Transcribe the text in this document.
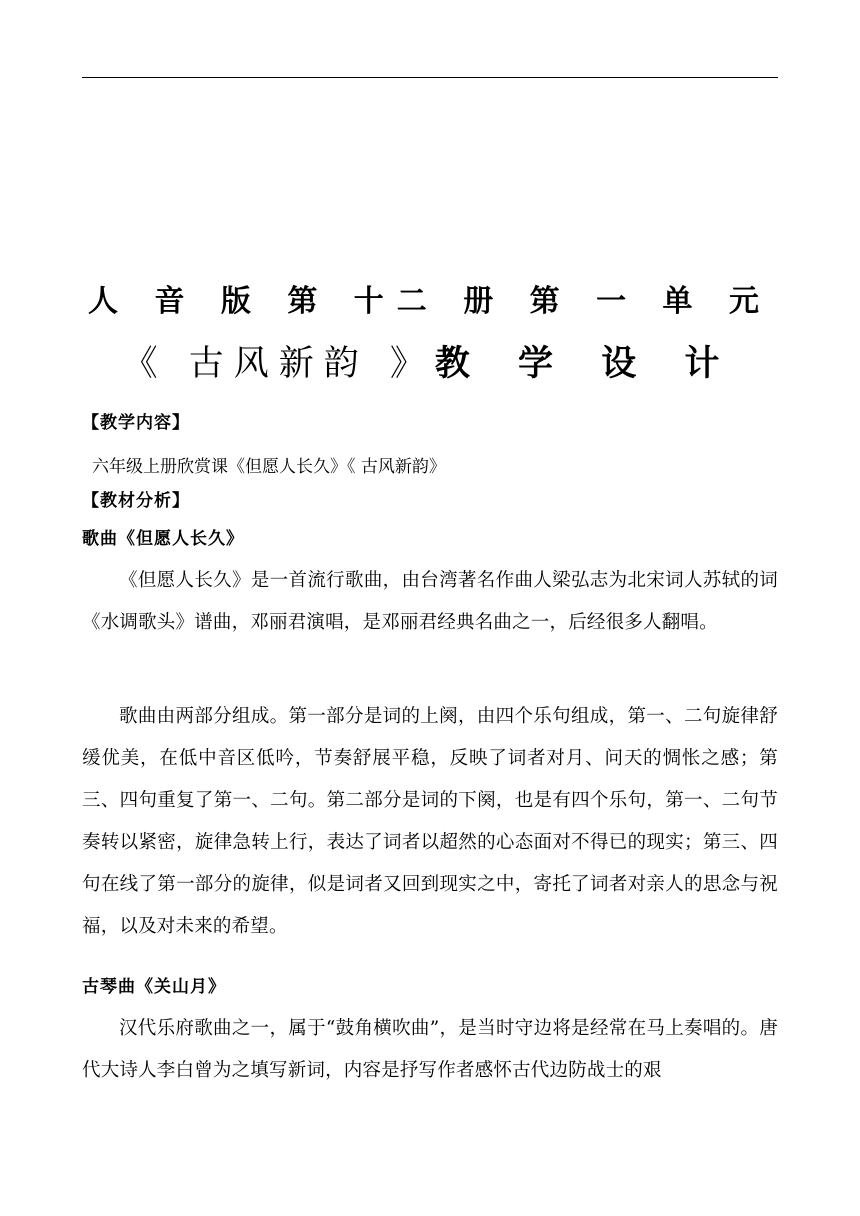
人 音 版 第 十二 册 第 一 单 元
《 古风新韵 》教 学 设 计
【教学内容】
六年级上册欣赏课《但愿人长久》《 古风新韵》
【教材分析】
歌曲《但愿人长久》
《但愿人长久》是一首流行歌曲，由台湾著名作曲人梁弘志为北宋词人苏轼的词《水调歌头》谱曲，邓丽君演唱，是邓丽君经典名曲之一，后经很多人翻唱。
歌曲由两部分组成。第一部分是词的上阕，由四个乐句组成，第一、二句旋律舒缓优美，在低中音区低吟，节奏舒展平稳，反映了词者对月、问天的惆怅之感；第三、四句重复了第一、二句。第二部分是词的下阕，也是有四个乐句，第一、二句节奏转以紧密，旋律急转上行，表达了词者以超然的心态面对不得已的现实；第三、四句在线了第一部分的旋律，似是词者又回到现实之中，寄托了词者对亲人的思念与祝福，以及对未来的希望。
古琴曲《关山月》
汉代乐府歌曲之一，属于“鼓角横吹曲”，是当时守边将是经常在马上奏唱的。唐代大诗人李白曾为之填写新词，内容是抒写作者感怀古代边防战士的艰
